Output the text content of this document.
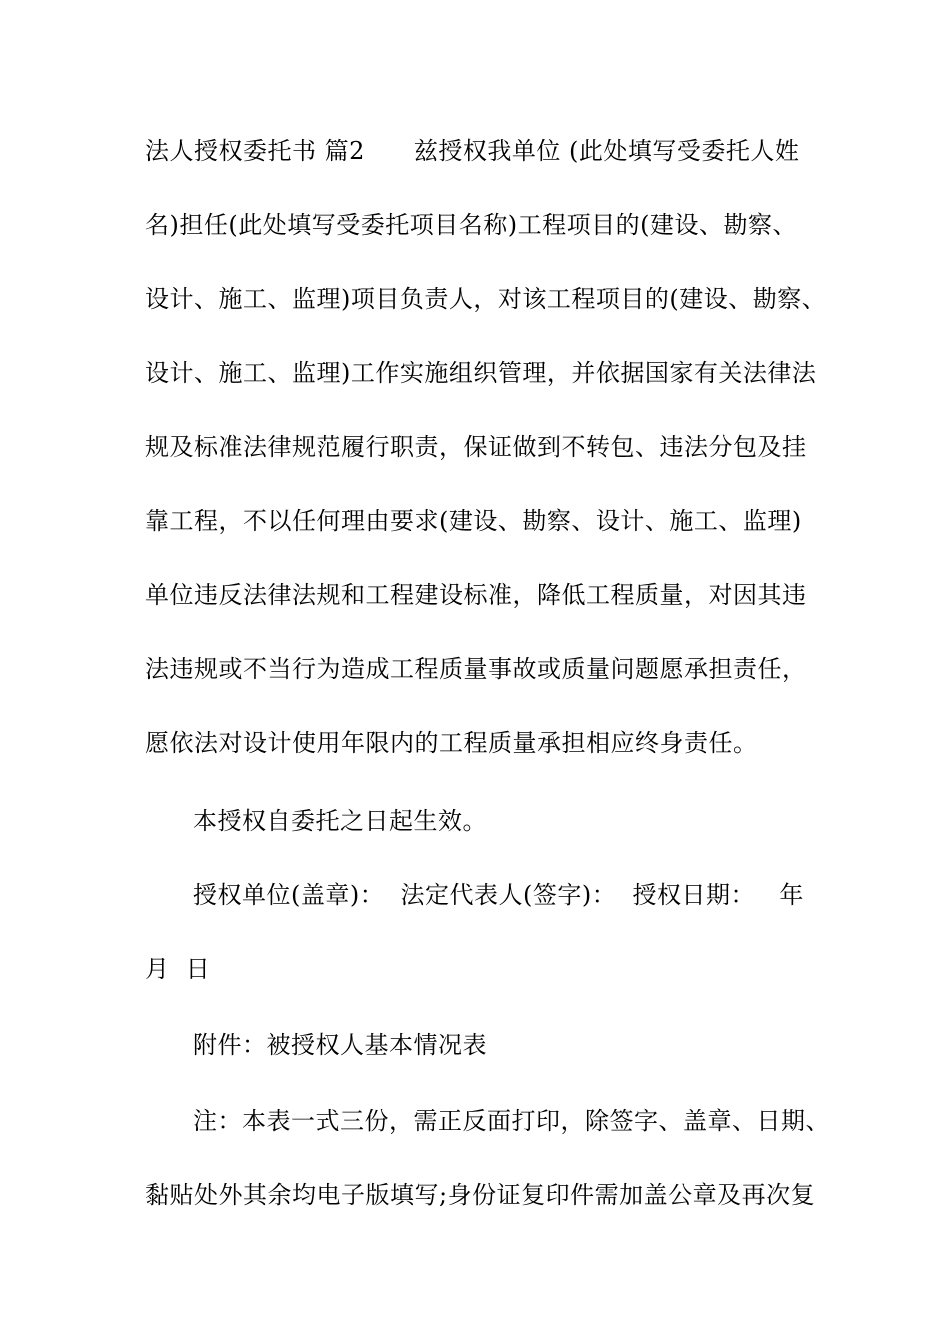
法人授权委托书 篇2　　兹授权我单位 (此处填写受委托人姓
名)担任(此处填写受委托项目名称)工程项目的(建设、勘察、
设计、施工、监理)项目负责人，对该工程项目的(建设、勘察、
设计、施工、监理)工作实施组织管理，并依据国家有关法律法
规及标准法律规范履行职责，保证做到不转包、违法分包及挂
靠工程，不以任何理由要求(建设、勘察、设计、施工、监理)
单位违反法律法规和工程建设标准，降低工程质量，对因其违
法违规或不当行为造成工程质量事故或质量问题愿承担责任，
愿依法对设计使用年限内的工程质量承担相应终身责任。
本授权自委托之日起生效。
授权单位(盖章)：  法定代表人(签字)：  授权日期：   年
月  日
附件：被授权人基本情况表
注：本表一式三份，需正反面打印，除签字、盖章、日期、
黏贴处外其余均电子版填写;身份证复印件需加盖公章及再次复
